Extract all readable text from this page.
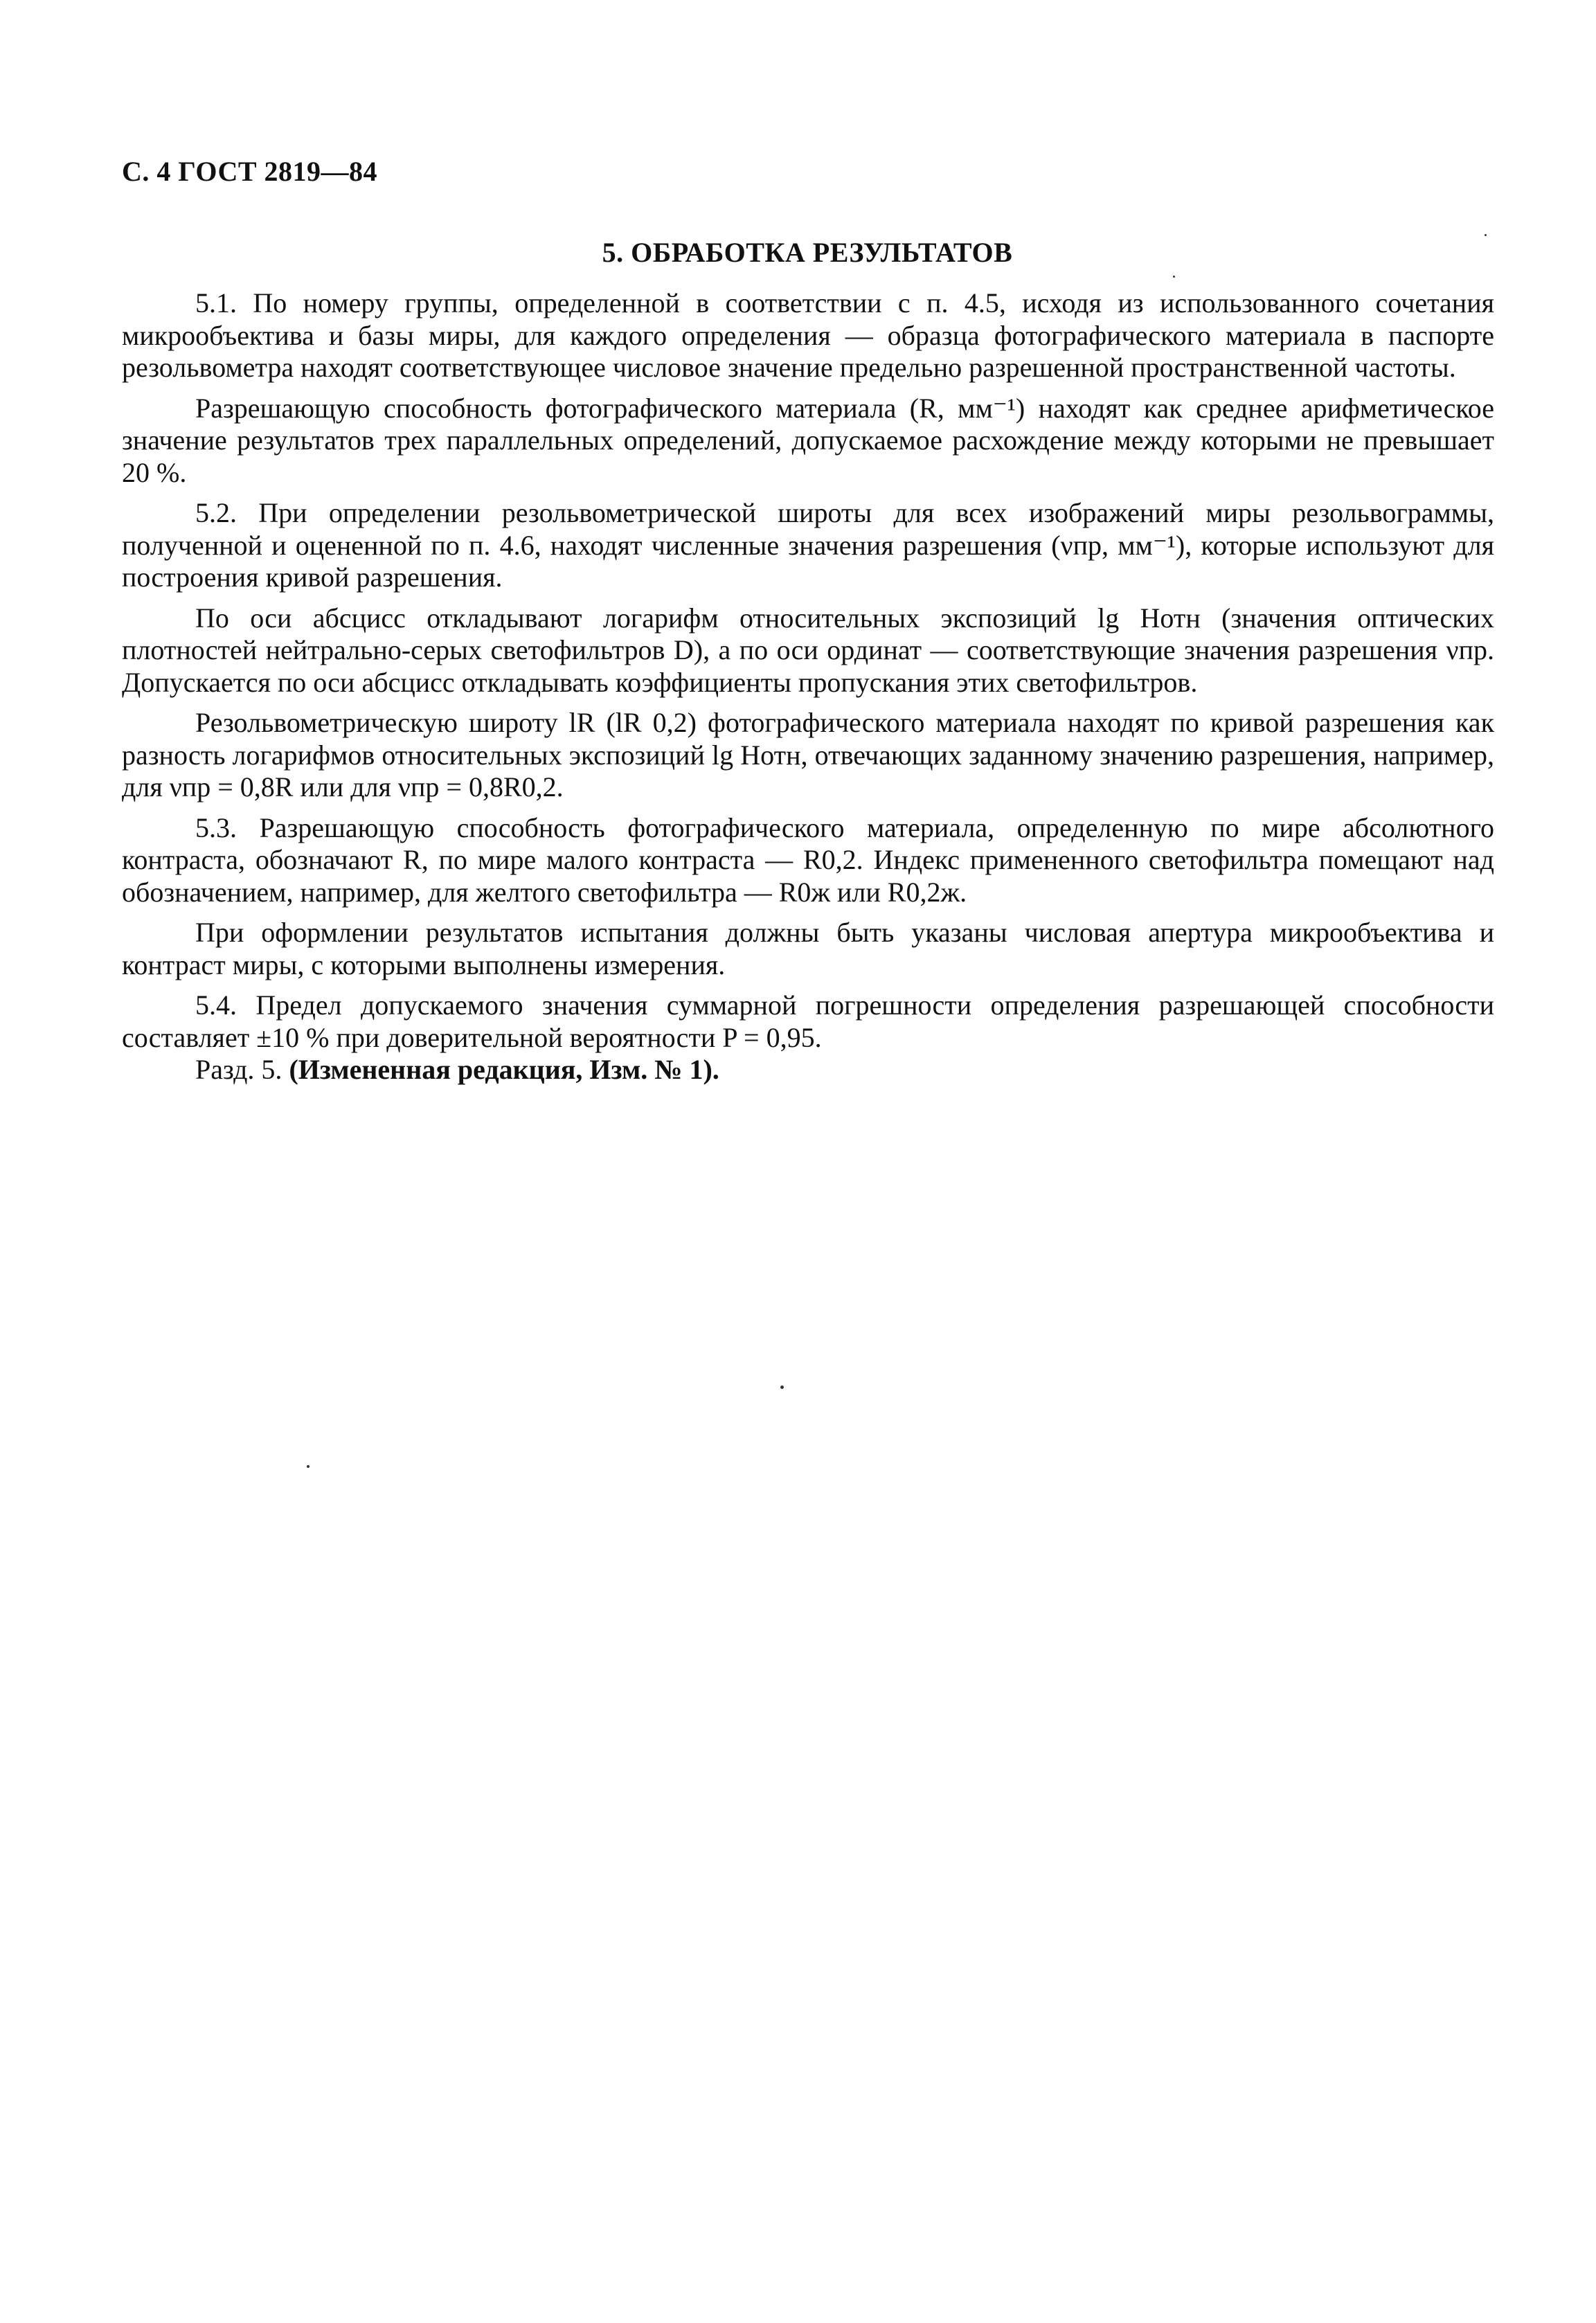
С. 4 ГОСТ 2819—84
5. ОБРАБОТКА РЕЗУЛЬТАТОВ

5.1. По номеру группы, определенной в соответствии с п. 4.5, исходя из использованного сочетания микрообъектива и базы миры, для каждого определения — образца фотографического материала в паспорте резольвометра находят соответствующее числовое значение предельно разрешенной пространственной частоты.

Разрешающую способность фотографического материала (R, мм⁻¹) находят как среднее арифметическое значение результатов трех параллельных определений, допускаемое расхождение между которыми не превышает 20 %.

5.2. При определении резольвометрической широты для всех изображений миры резольвограммы, полученной и оцененной по п. 4.6, находят численные значения разрешения (νпр, мм⁻¹), которые используют для построения кривой разрешения.

По оси абсцисс откладывают логарифм относительных экспозиций lg Hотн (значения оптических плотностей нейтрально-серых светофильтров D), а по оси ординат — соответствующие значения разрешения νпр. Допускается по оси абсцисс откладывать коэффициенты пропускания этих светофильтров.

Резольвометрическую широту lR (lR 0,2) фотографического материала находят по кривой разрешения как разность логарифмов относительных экспозиций lg Hотн, отвечающих заданному значению разрешения, например, для νпр = 0,8R или для νпр = 0,8R0,2.

5.3. Разрешающую способность фотографического материала, определенную по мире абсолютного контраста, обозначают R, по мире малого контраста — R0,2. Индекс примененного светофильтра помещают над обозначением, например, для желтого светофильтра — R0ж или R0,2ж.

При оформлении результатов испытания должны быть указаны числовая апертура микрообъектива и контраст миры, с которыми выполнены измерения.

5.4. Предел допускаемого значения суммарной погрешности определения разрешающей способности составляет ±10 % при доверительной вероятности P = 0,95.

Разд. 5. (Измененная редакция, Изм. № 1).
